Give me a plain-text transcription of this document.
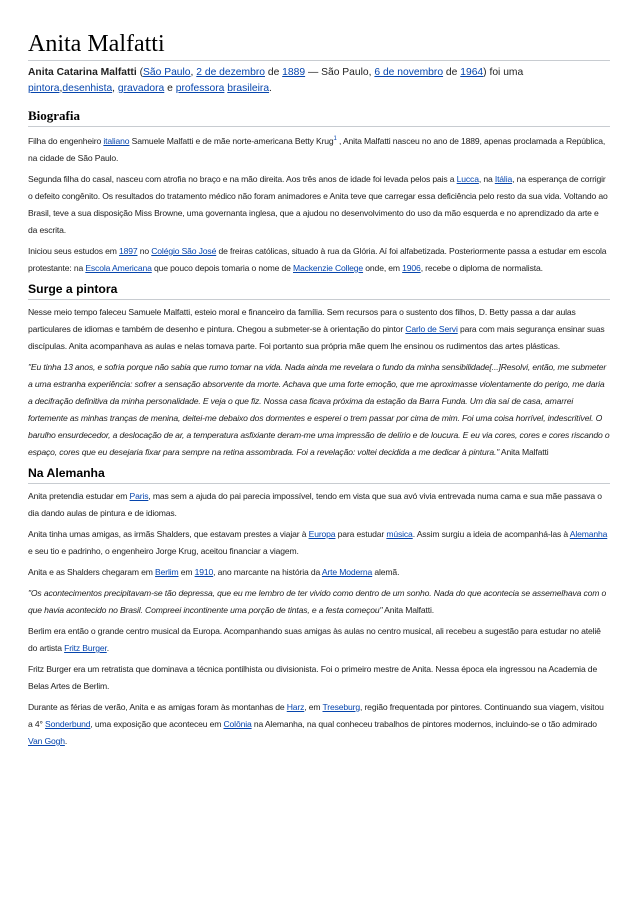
Anita Malfatti
Anita Catarina Malfatti (São Paulo, 2 de dezembro de 1889 — São Paulo, 6 de novembro de 1964) foi uma pintora,desenhista, gravadora e professora brasileira.
Biografia

Filha do engenheiro italiano Samuele Malfatti e de mãe norte-americana Betty Krug$^1$ , Anita Malfatti nasceu no ano de 1889, apenas proclamada a República, na cidade de São Paulo.

Segunda filha do casal, nasceu com atrofia no braço e na mão direita. Aos três anos de idade foi levada pelos pais a Lucca, na Itália, na esperança de corrigir o defeito congênito. Os resultados do tratamento médico não foram animadores e Anita teve que carregar essa deficiência pelo resto da sua vida. Voltando ao Brasil, teve a sua disposição Miss Browne, uma governanta inglesa, que a ajudou no desenvolvimento do uso da mão esquerda e no aprendizado da arte e da escrita.

Iniciou seus estudos em 1897 no Colégio São José de freiras católicas, situado à rua da Glória. Aí foi alfabetizada. Posteriormente passa a estudar em escola protestante: na Escola Americana que pouco depois tomaria o nome de Mackenzie College onde, em 1906, recebe o diploma de normalista.

Surge a pintora

Nesse meio tempo faleceu Samuele Malfatti, esteio moral e financeiro da família. Sem recursos para o sustento dos filhos, D. Betty passa a dar aulas particulares de idiomas e também de desenho e pintura. Chegou a submeter-se à orientação do pintor Carlo de Servi para com mais segurança ensinar suas discípulas. Anita acompanhava as aulas e nelas tomava parte. Foi portanto sua própria mãe quem lhe ensinou os rudimentos das artes plásticas.

"Eu tinha 13 anos, e sofria porque não sabia que rumo tomar na vida. Nada ainda me revelara o fundo da minha sensibilidade[...]Resolvi, então, me submeter a uma estranha experiência: sofrer a sensação absorvente da morte. Achava que uma forte emoção, que me aproximasse violentamente do perigo, me daria a decifração definitiva da minha personalidade. E veja o que fiz. Nossa casa ficava próxima da estação da Barra Funda. Um dia saí de casa, amarrei fortemente as minhas tranças de menina, deitei-me debaixo dos dormentes e esperei o trem passar por cima de mim. Foi uma coisa horrível, indescritível. O barulho ensurdecedor, a deslocação de ar, a temperatura asfixiante deram-me uma impressão de delírio e de loucura. E eu via cores, cores e cores riscando o espaço, cores que eu desejaria fixar para sempre na retina assombrada. Foi a revelação: voltei decidida a me dedicar à pintura." Anita Malfatti

Na Alemanha

Anita pretendia estudar em Paris, mas sem a ajuda do pai parecia impossível, tendo em vista que sua avó vivia entrevada numa cama e sua mãe passava o dia dando aulas de pintura e de idiomas.

Anita tinha umas amigas, as irmãs Shalders, que estavam prestes a viajar à Europa para estudar música. Assim surgiu a ideia de acompanhá-las à Alemanha e seu tio e padrinho, o engenheiro Jorge Krug, aceitou financiar a viagem.

Anita e as Shalders chegaram em Berlim em 1910, ano marcante na história da Arte Moderna alemã.

"Os acontecimentos precipitavam-se tão depressa, que eu me lembro de ter vivido como dentro de um sonho. Nada do que acontecia se assemelhava com o que havia acontecido no Brasil. Compreei incontinente uma porção de tintas, e a festa começou" Anita Malfatti.

Berlim era então o grande centro musical da Europa. Acompanhando suas amigas às aulas no centro musical, ali recebeu a sugestão para estudar no ateliê do artista Fritz Burger.

Fritz Burger era um retratista que dominava a técnica pontilhista ou divisionista. Foi o primeiro mestre de Anita. Nessa época ela ingressou na Academia de Belas Artes de Berlim.

Durante as férias de verão, Anita e as amigas foram às montanhas de Harz, em Treseburg, região frequentada por pintores. Continuando sua viagem, visitou a 4° Sonderbund, uma exposição que aconteceu em Colônia na Alemanha, na qual conheceu trabalhos de pintores modernos, incluindo-se o tão admirado Van Gogh.
